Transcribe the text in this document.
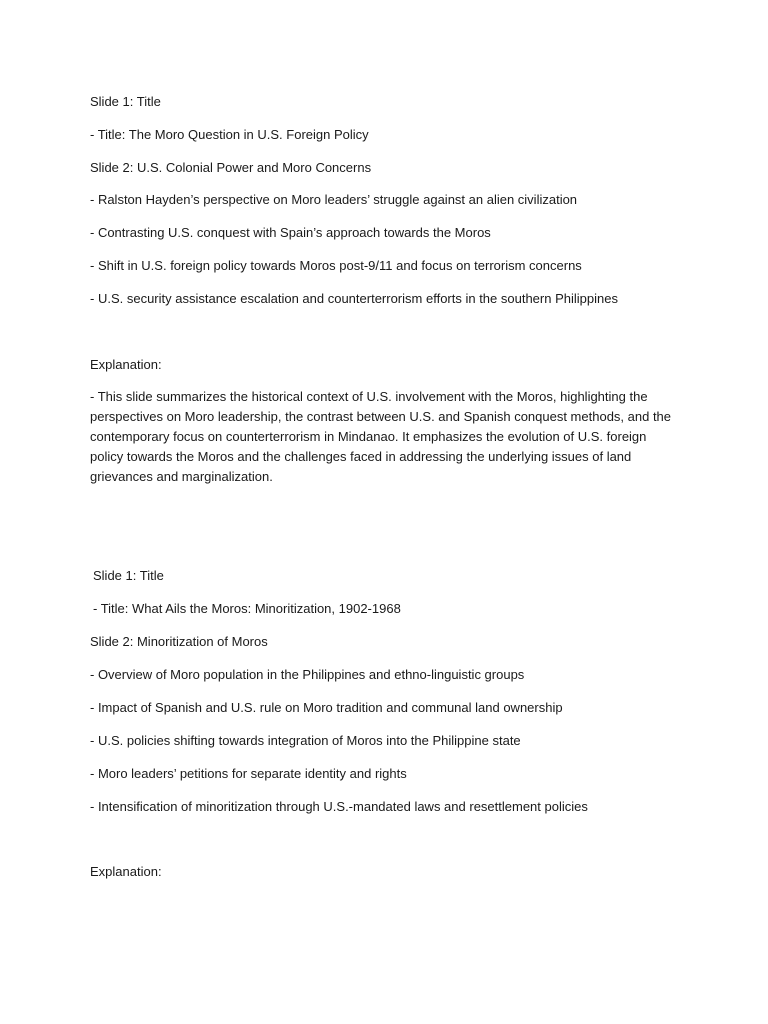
Slide 1: Title

- Title: The Moro Question in U.S. Foreign Policy

Slide 2: U.S. Colonial Power and Moro Concerns

- Ralston Hayden’s perspective on Moro leaders’ struggle against an alien civilization

- Contrasting U.S. conquest with Spain’s approach towards the Moros

- Shift in U.S. foreign policy towards Moros post-9/11 and focus on terrorism concerns

- U.S. security assistance escalation and counterterrorism efforts in the southern Philippines

Explanation:

- This slide summarizes the historical context of U.S. involvement with the Moros, highlighting the perspectives on Moro leadership, the contrast between U.S. and Spanish conquest methods, and the contemporary focus on counterterrorism in Mindanao. It emphasizes the evolution of U.S. foreign policy towards the Moros and the challenges faced in addressing the underlying issues of land grievances and marginalization.

Slide 1: Title

- Title: What Ails the Moros: Minoritization, 1902-1968

Slide 2: Minoritization of Moros

- Overview of Moro population in the Philippines and ethno-linguistic groups

- Impact of Spanish and U.S. rule on Moro tradition and communal land ownership

- U.S. policies shifting towards integration of Moros into the Philippine state

- Moro leaders’ petitions for separate identity and rights

- Intensification of minoritization through U.S.-mandated laws and resettlement policies

Explanation:
